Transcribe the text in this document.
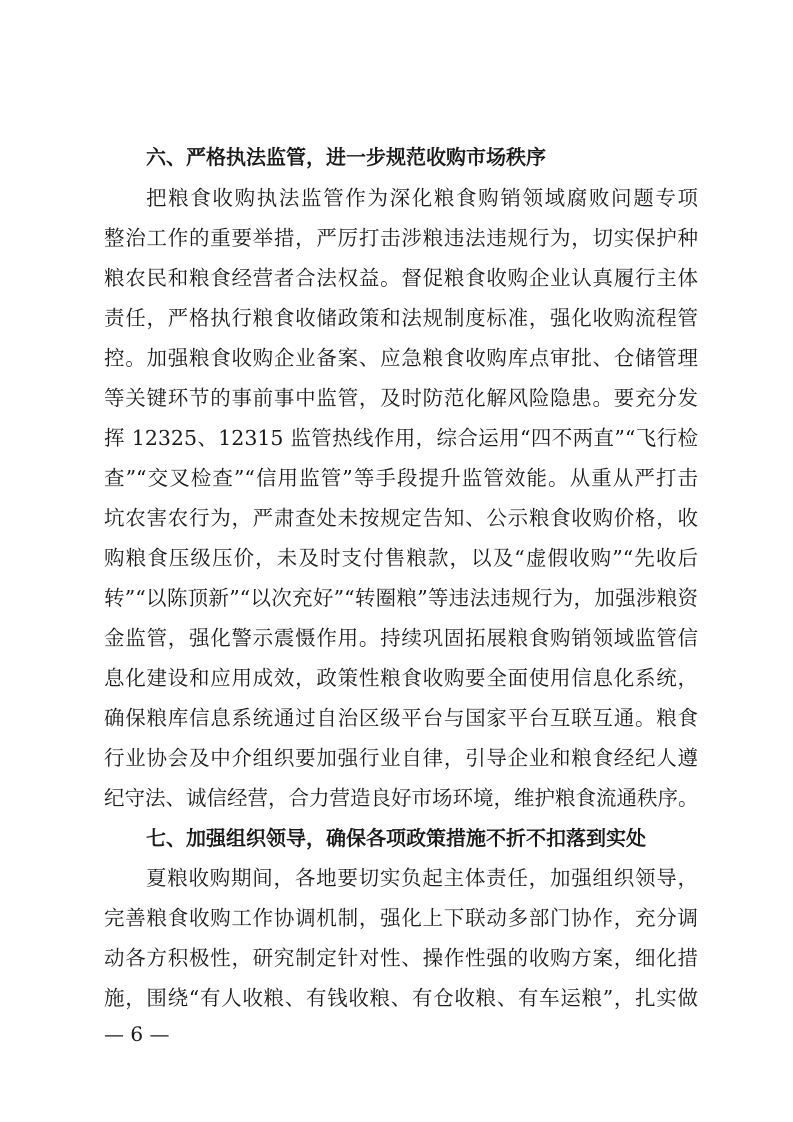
六、严格执法监管，进一步规范收购市场秩序
把粮食收购执法监管作为深化粮食购销领域腐败问题专项
整治工作的重要举措，严厉打击涉粮违法违规行为，切实保护种
粮农民和粮食经营者合法权益。督促粮食收购企业认真履行主体
责任，严格执行粮食收储政策和法规制度标准，强化收购流程管
控。加强粮食收购企业备案、应急粮食收购库点审批、仓储管理
等关键环节的事前事中监管，及时防范化解风险隐患。要充分发
挥 12325、12315 监管热线作用，综合运用“四不两直”“飞行检
查”“交叉检查”“信用监管”等手段提升监管效能。从重从严打击
坑农害农行为，严肃查处未按规定告知、公示粮食收购价格，收
购粮食压级压价，未及时支付售粮款，以及“虚假收购”“先收后
转”“以陈顶新”“以次充好”“转圈粮”等违法违规行为，加强涉粮资
金监管，强化警示震慑作用。持续巩固拓展粮食购销领域监管信
息化建设和应用成效，政策性粮食收购要全面使用信息化系统，
确保粮库信息系统通过自治区级平台与国家平台互联互通。粮食
行业协会及中介组织要加强行业自律，引导企业和粮食经纪人遵
纪守法、诚信经营，合力营造良好市场环境，维护粮食流通秩序。
七、加强组织领导，确保各项政策措施不折不扣落到实处
夏粮收购期间，各地要切实负起主体责任，加强组织领导，
完善粮食收购工作协调机制，强化上下联动多部门协作，充分调
动各方积极性，研究制定针对性、操作性强的收购方案，细化措
施，围绕“有人收粮、有钱收粮、有仓收粮、有车运粮”，扎实做
— 6 —
